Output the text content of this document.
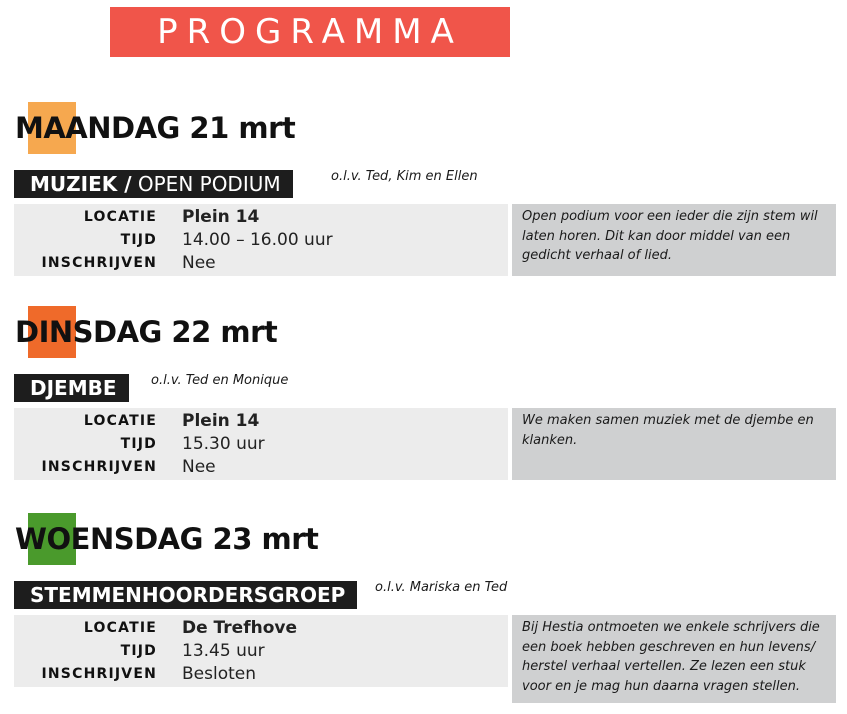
PROGRAMMA
MAANDAG 21 mrt
MUZIEK / OPEN PODIUM	o.l.v. Ted, Kim en Ellen
LOCATIE Plein 14
TIJD 14.00 – 16.00 uur
INSCHRIJVEN Nee
Open podium voor een ieder die zijn stem wil laten horen. Dit kan door middel van een gedicht verhaal of lied.
DINSDAG 22 mrt
DJEMBE	o.l.v. Ted en Monique
LOCATIE Plein 14
TIJD 15.30 uur
INSCHRIJVEN Nee
We maken samen muziek met de djembe en klanken.
WOENSDAG 23 mrt
STEMMENHOORDERSGROEP o.l.v. Mariska en Ted
LOCATIE De Trefhove
TIJD 13.45 uur
INSCHRIJVEN Besloten
Bij Hestia ontmoeten we enkele schrijvers die een boek hebben geschreven en hun levens/ herstel verhaal vertellen. Ze lezen een stuk voor en je mag hun daarna vragen stellen.
